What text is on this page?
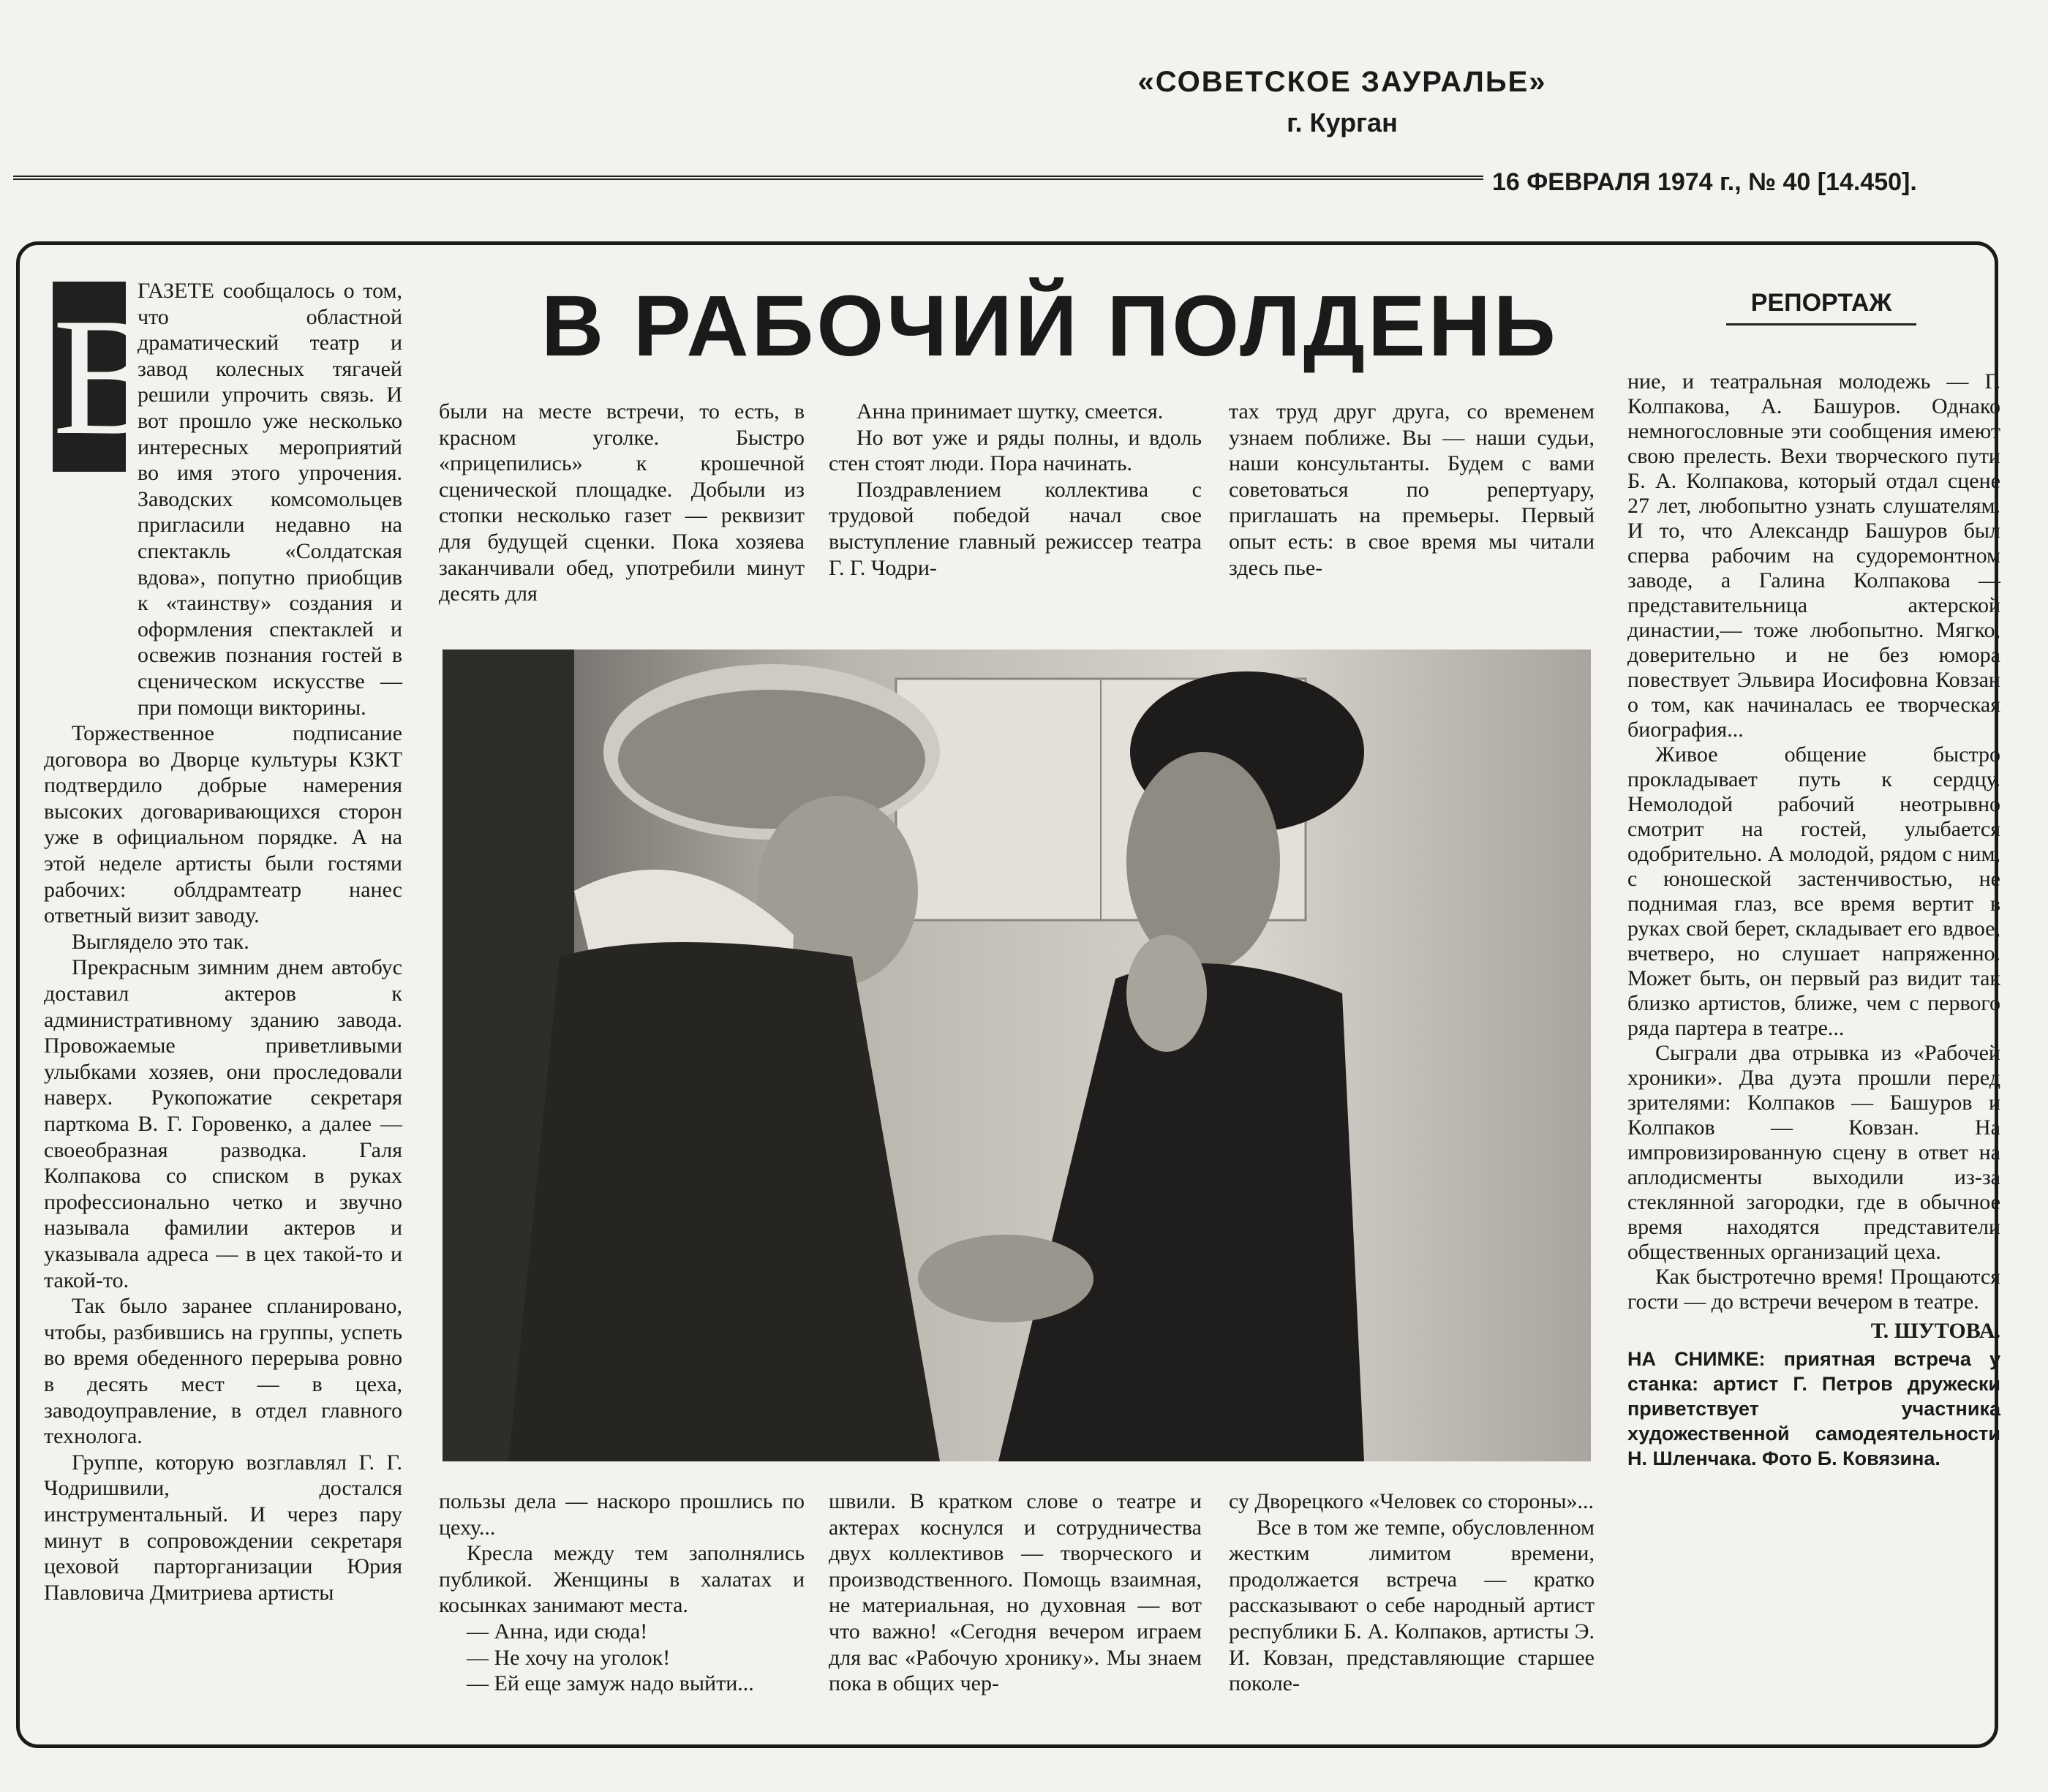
«СОВЕТСКОЕ ЗАУРАЛЬЕ»
г. Курган
16 ФЕВРАЛЯ 1974 г., № 40 [14.450].
В РАБОЧИЙ ПОЛДЕНЬ	РЕПОРТАЖ
В

ГАЗЕТЕ сообщалось о том, что областной драматический театр и завод колесных тягачей решили упрочить связь. И вот прошло уже несколько интересных мероприятий во имя этого упрочения. Заводских комсомольцев пригласили недавно на спектакль «Солдатская вдова», попутно приобщив к «таинству» создания и оформления спектаклей и освежив познания гостей в сценическом искусстве — при помощи викторины.

Торжественное подписание договора во Дворце культуры КЗКТ подтвердило добрые намерения высоких договаривающихся сторон уже в официальном порядке. А на этой неделе артисты были гостями рабочих: облдрамтеатр нанес ответный визит заводу.

Выглядело это так.

Прекрасным зимним днем автобус доставил актеров к административному зданию завода. Провожаемые приветливыми улыбками хозяев, они проследовали наверх. Рукопожатие секретаря парткома В. Г. Горовенко, а далее — своеобразная разводка. Галя Колпакова со списком в руках профессионально четко и звучно называла фамилии актеров и указывала адреса — в цех такой-то и такой-то.

Так было заранее спланировано, чтобы, разбившись на группы, успеть во время обеденного перерыва ровно в десять мест — в цеха, заводоуправление, в отдел главного технолога.

Группе, которую возглавлял Г. Г. Чодришвили, достался инструментальный. И через пару минут в сопровождении секретаря цеховой парторганизации Юрия Павловича Дмитриева артисты

были на месте встречи, то есть, в красном уголке. Быстро «прицепились» к крошечной сценической площадке. Добыли из стопки несколько газет — реквизит для будущей сценки. Пока хозяева заканчивали обед, употребили минут десять для

Анна принимает шутку, смеется.

Но вот уже и ряды полны, и вдоль стен стоят люди. Пора начинать.

Поздравлением коллектива с трудовой победой начал свое выступление главный режиссер театра Г. Г. Чодри-

тах труд друг друга, со временем узнаем поближе. Вы — наши судьи, наши консультанты. Будем с вами советоваться по репертуару, приглашать на премьеры. Первый опыт есть: в свое время мы читали здесь пье-

пользы дела — наскоро прошлись по цеху...

Кресла между тем заполнялись публикой. Женщины в халатах и косынках занимают места.

— Анна, иди сюда!

— Не хочу на уголок!

— Ей еще замуж надо выйти...

швили. В кратком слове о театре и актерах коснулся и сотрудничества двух коллективов — творческого и производственного. Помощь взаимная, не материальная, но духовная — вот что важно! «Сегодня вечером играем для вас «Рабочую хронику». Мы знаем пока в общих чер-

су Дворецкого «Человек со стороны»...

Все в том же темпе, обусловленном жестким лимитом времени, продолжается встреча — кратко рассказывают о себе народный артист республики Б. А. Колпаков, артисты Э. И. Ковзан, представляющие старшее поколе-

ние, и театральная молодежь — Г. Колпакова, А. Башуров. Однако немногословные эти сообщения имеют свою прелесть. Вехи творческого пути Б. А. Колпакова, который отдал сцене 27 лет, любопытно узнать слушателям. И то, что Александр Башуров был сперва рабочим на судоремонтном заводе, а Галина Колпакова — представительница актерской династии,— тоже любопытно. Мягко, доверительно и не без юмора повествует Эльвира Иосифовна Ковзан о том, как начиналась ее творческая биография...

Живое общение быстро прокладывает путь к сердцу. Немолодой рабочий неотрывно смотрит на гостей, улыбается одобрительно. А молодой, рядом с ним, с юношеской застенчивостью, не поднимая глаз, все время вертит в руках свой берет, складывает его вдвое, вчетверо, но слушает напряженно. Может быть, он первый раз видит так близко артистов, ближе, чем с первого ряда партера в театре...

Сыграли два отрывка из «Рабочей хроники». Два дуэта прошли перед зрителями: Колпаков — Башуров и Колпаков — Ковзан. На импровизированную сцену в ответ на аплодисменты выходили из-за стеклянной загородки, где в обычное время находятся представители общественных организаций цеха.

Как быстротечно время! Прощаются гости — до встречи вечером в театре.

Т. ШУТОВА.
НА СНИМКЕ: приятная встреча у станка: артист Г. Петров дружески приветствует участника художественной самодеятельности Н. Шленчака. Фото Б. Ковязина.
